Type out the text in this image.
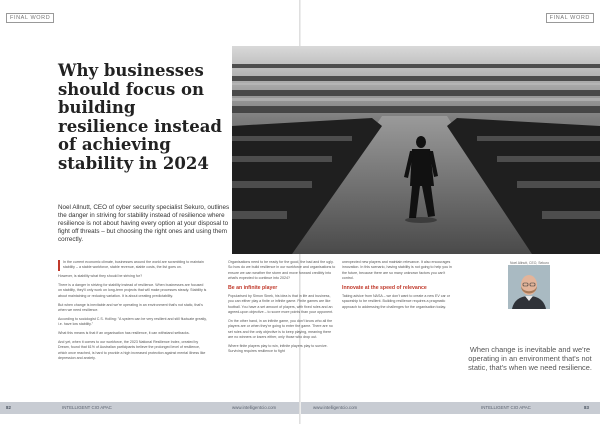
FINAL WORD	FINAL WORD
Why businesses should focus on building resilience instead of achieving stability in 2024

Noel Allnutt, CEO of cyber security specialist Sekuro, outlines the danger in striving for stability instead of resilience where resilience is not about having every option at your disposal to fight off threats – but choosing the right ones and using them correctly.

In the current economic climate, businesses around the world are scrambling to maintain stability – a stable workforce, stable revenue, stable costs, the list goes on.

However, is stability what they should be striving for?

There is a danger in striving for stability instead of resilience. When businesses are focused on stability, they'll only work on long-term projects that will make processes steady. Stability is about maintaining or reducing variation. It is about creating predictability.

But when change is inevitable and we're operating in an environment that's not static, that's when we need resilience.

According to sociologist C.S. Holling: "A system can be very resilient and still fluctuate greatly, i.e. have low stability."

What this means is that if an organisation has resilience, it can withstand setbacks.

And yet, when it comes to our workforce, the 2023 National Resilience Index, created by Dream, found that 61% of Australian participants believe the prolonged level of resilience, which once reached, is hard to provide a high increased protection against mental illness like depression and anxiety.

Organisations need to be ready for the good, the bad and the ugly. So how do we build resilience in our workforce and organisations to ensure we can weather the storm and move forward credibly into what's expected to continue into 2024?

Be an infinite player

Popularised by Simon Sinek, his idea is that in life and business, you can either play a finite or infinite game. Finite games are like football. You have a set amount of players, with fixed rules and an agreed-upon objective – to score more points than your opponent.

On the other hand, in an infinite game, you don't know who all the players are or when they're going to enter the game. There are no set rules and the only objective is to keep playing, meaning there are no winners or losers either, only those who drop out.

Where finite players play to win, infinite players play to survive. Surviving requires resilience to fight

unexpected new players and maintain relevance. It also encourages innovation. In this scenario, having stability is not going to help you in the future, because there are so many unknown factors you can't control.

Innovate at the speed of relevance

Taking advice from NASA – we don't want to create a new EV car or spaceship to be resilient. Building resilience requires a pragmatic approach to addressing the challenges for the organisation today.

Noel Allnutt, CEO, Sekuro
When change is inevitable and we're operating in an environment that's not static, that's when we need resilience.
82	INTELLIGENT CIO APAC	www.intelligentcio.com	www.intelligentcio.com	INTELLIGENT CIO APAC	83
